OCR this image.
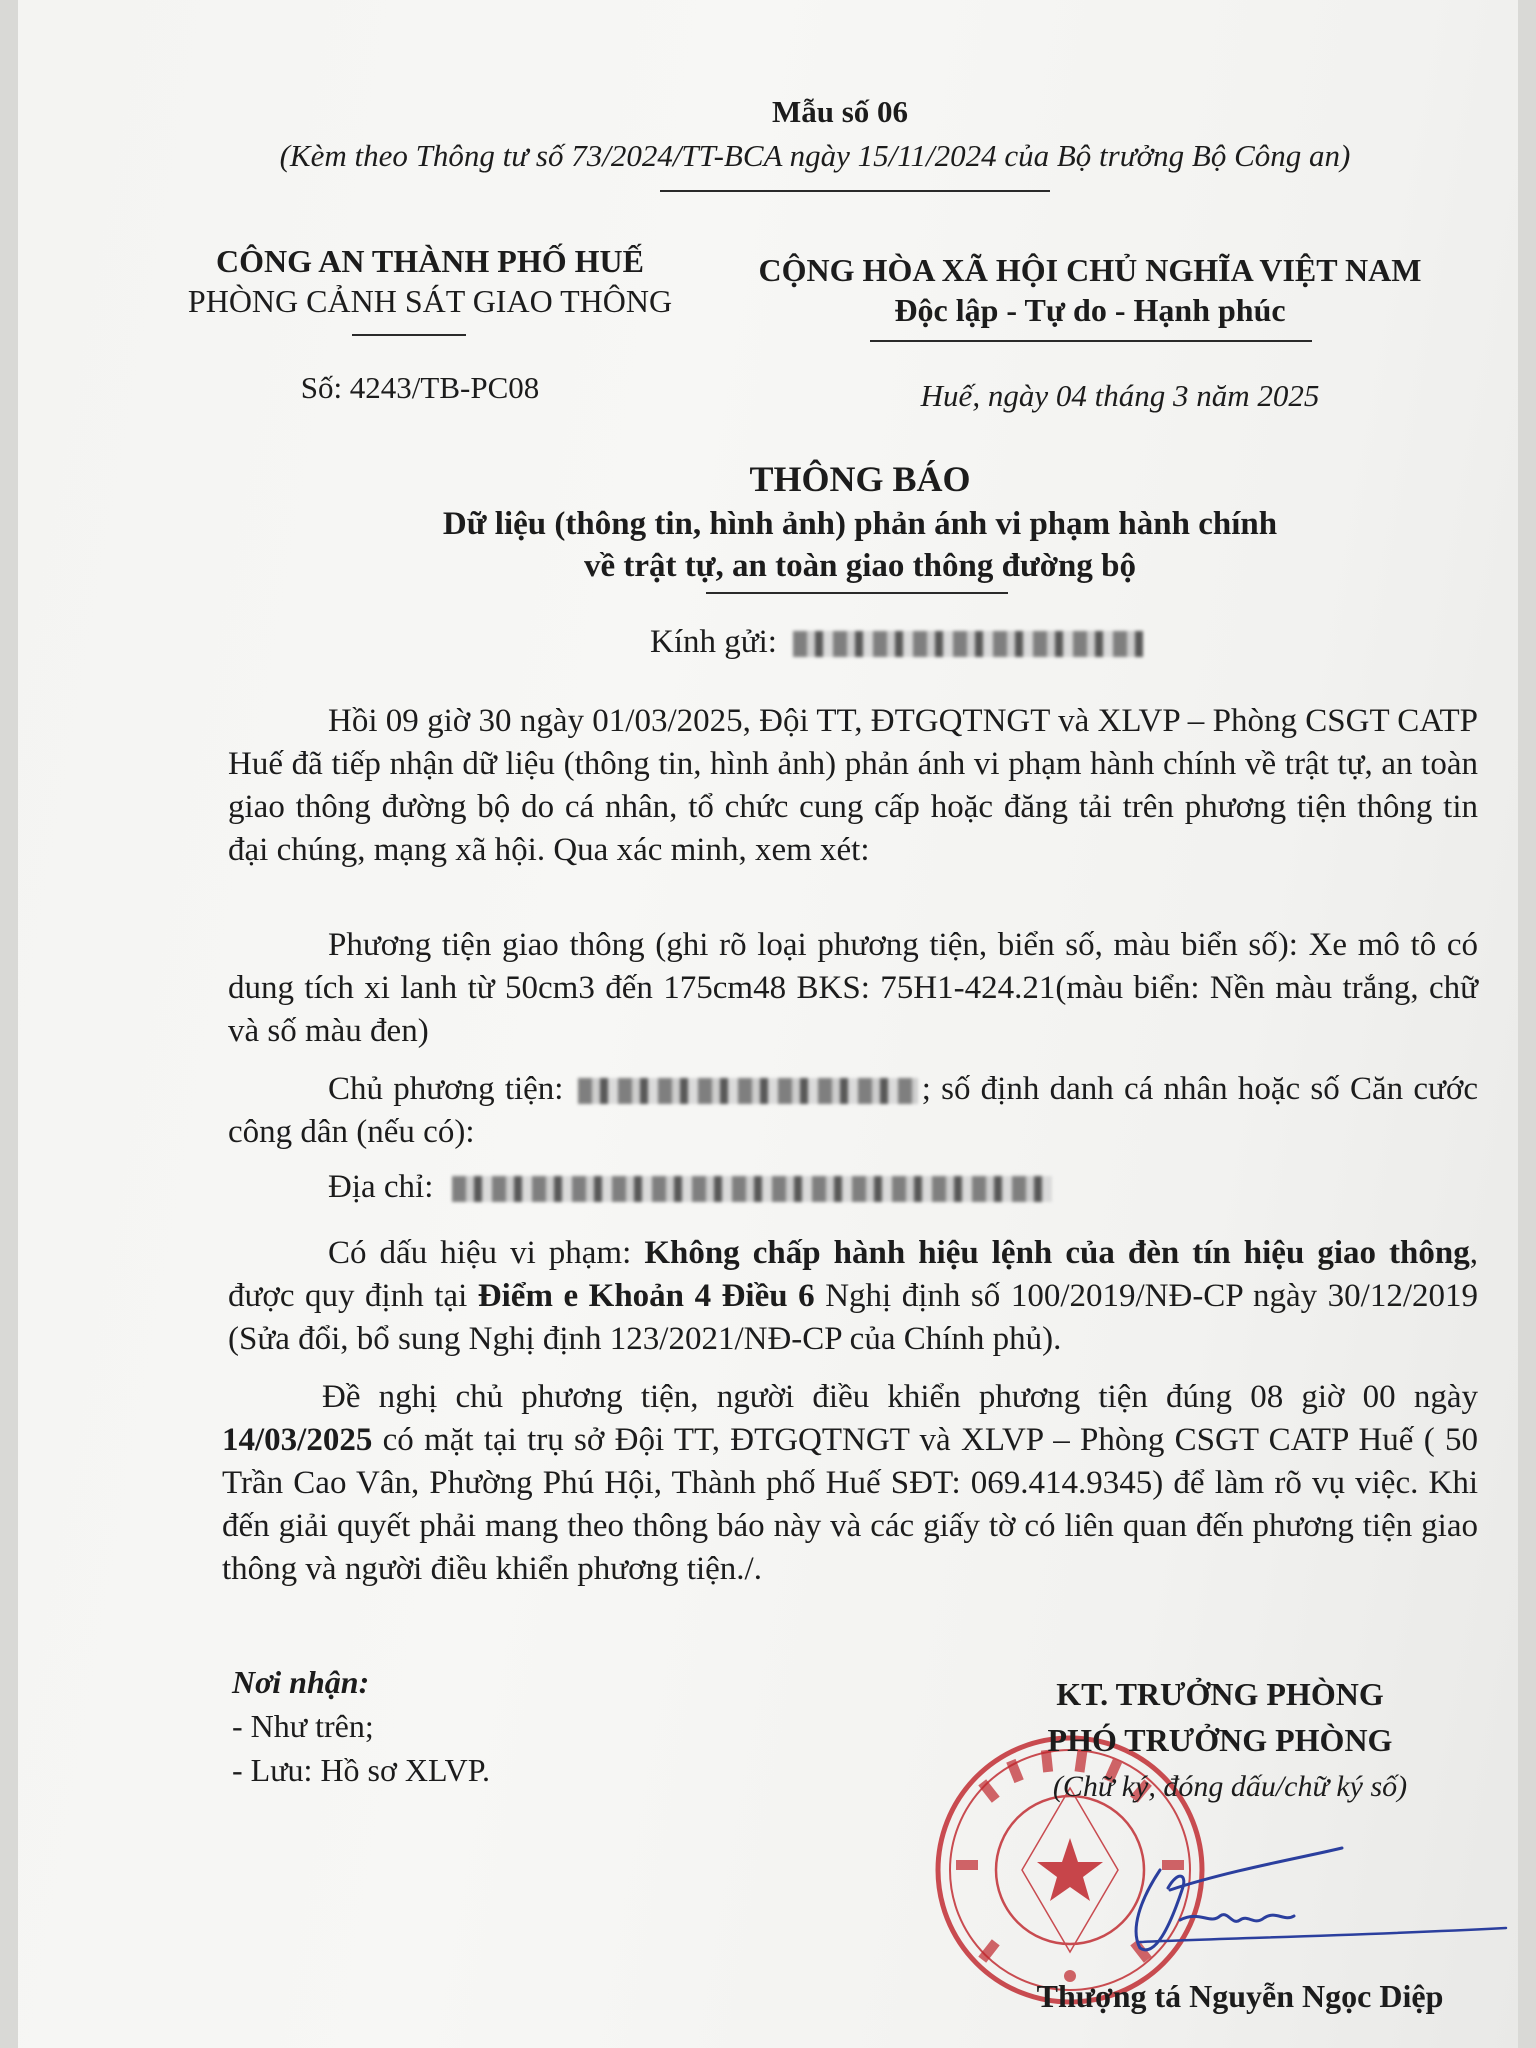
Mẫu số 06
(Kèm theo Thông tư số 73/2024/TT-BCA ngày 15/11/2024 của Bộ trưởng Bộ Công an)
CÔNG AN THÀNH PHỐ HUẾ
PHÒNG CẢNH SÁT GIAO THÔNG
Số: 4243/TB-PC08
CỘNG HÒA XÃ HỘI CHỦ NGHĨA VIỆT NAM
Độc lập - Tự do - Hạnh phúc
Huế, ngày 04 tháng 3 năm 2025
THÔNG BÁO
Dữ liệu (thông tin, hình ảnh) phản ánh vi phạm hành chính
về trật tự, an toàn giao thông đường bộ
Kính gửi:
Hồi 09 giờ 30 ngày 01/03/2025, Đội TT, ĐTGQTNGT và XLVP – Phòng CSGT CATP Huế đã tiếp nhận dữ liệu (thông tin, hình ảnh) phản ánh vi phạm hành chính về trật tự, an toàn giao thông đường bộ do cá nhân, tổ chức cung cấp hoặc đăng tải trên phương tiện thông tin đại chúng, mạng xã hội. Qua xác minh, xem xét:
Phương tiện giao thông (ghi rõ loại phương tiện, biển số, màu biển số): Xe mô tô có dung tích xi lanh từ 50cm3 đến 175cm48 BKS: 75H1-424.21(màu biển: Nền màu trắng, chữ và số màu đen)
Chủ phương tiện:	; số định danh cá nhân hoặc số Căn cước công dân (nếu có):
Địa chỉ:
Có dấu hiệu vi phạm: Không chấp hành hiệu lệnh của đèn tín hiệu giao thông, được quy định tại Điểm e Khoản 4 Điều 6 Nghị định số 100/2019/NĐ-CP ngày 30/12/2019 (Sửa đổi, bổ sung Nghị định 123/2021/NĐ-CP của Chính phủ).
Đề nghị chủ phương tiện, người điều khiển phương tiện đúng 08 giờ 00 ngày 14/03/2025 có mặt tại trụ sở Đội TT, ĐTGQTNGT và XLVP – Phòng CSGT CATP Huế ( 50 Trần Cao Vân, Phường Phú Hội, Thành phố Huế SĐT: 069.414.9345) để làm rõ vụ việc. Khi đến giải quyết phải mang theo thông báo này và các giấy tờ có liên quan đến phương tiện giao thông và người điều khiển phương tiện./.
Nơi nhận:
- Như trên;
- Lưu: Hồ sơ XLVP.
KT. TRƯỞNG PHÒNG
PHÓ TRƯỞNG PHÒNG
(Chữ ký, đóng dấu/chữ ký số)
Thượng tá Nguyễn Ngọc Diệp
